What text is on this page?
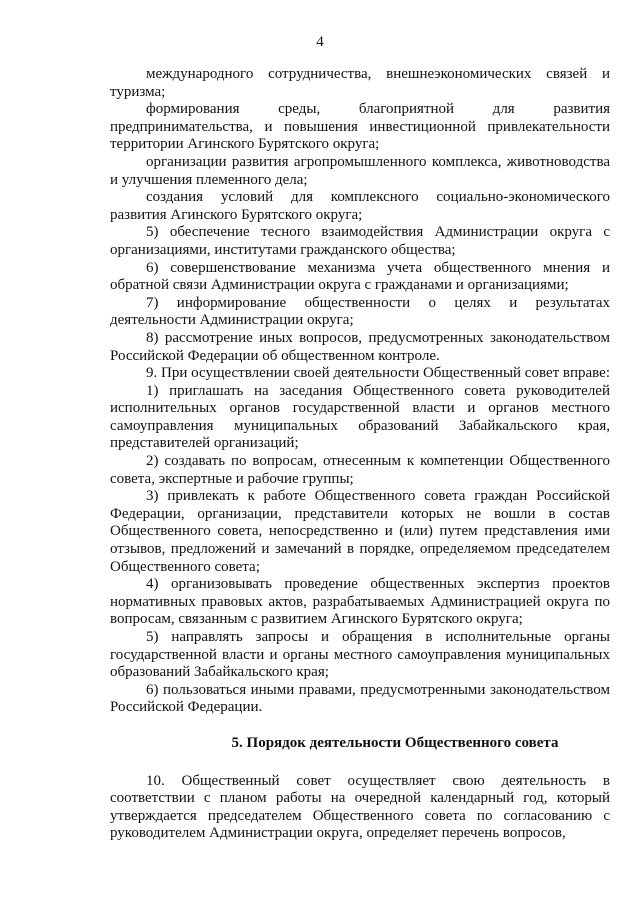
4

международного сотрудничества, внешнеэкономических связей и туризма;

формирования среды, благоприятной для развития предпринимательства, и повышения инвестиционной привлекательности территории Агинского Бурятского округа;

организации развития агропромышленного комплекса, животноводства и улучшения племенного дела;

создания условий для комплексного социально-экономического развития Агинского Бурятского округа;

5) обеспечение тесного взаимодействия Администрации округа с организациями, институтами гражданского общества;

6) совершенствование механизма учета общественного мнения и обратной связи Администрации округа с гражданами и организациями;

7) информирование общественности о целях и результатах деятельности Администрации округа;

8) рассмотрение иных вопросов, предусмотренных законодательством Российской Федерации об общественном контроле.

9. При осуществлении своей деятельности Общественный совет вправе:

1) приглашать на заседания Общественного совета руководителей исполнительных органов государственной власти и органов местного самоуправления муниципальных образований Забайкальского края, представителей организаций;

2) создавать по вопросам, отнесенным к компетенции Общественного совета, экспертные и рабочие группы;

3) привлекать к работе Общественного совета граждан Российской Федерации, организации, представители которых не вошли в состав Общественного совета, непосредственно и (или) путем представления ими отзывов, предложений и замечаний в порядке, определяемом председателем Общественного совета;

4) организовывать проведение общественных экспертиз проектов нормативных правовых актов, разрабатываемых Администрацией округа по вопросам, связанным с развитием Агинского Бурятского округа;

5) направлять запросы и обращения в исполнительные органы государственной власти и органы местного самоуправления муниципальных образований Забайкальского края;

6) пользоваться иными правами, предусмотренными законодательством Российской Федерации.

5. Порядок деятельности Общественного совета

10. Общественный совет осуществляет свою деятельность в соответствии с планом работы на очередной календарный год, который утверждается председателем Общественного совета по согласованию с руководителем Администрации округа, определяет перечень вопросов,
